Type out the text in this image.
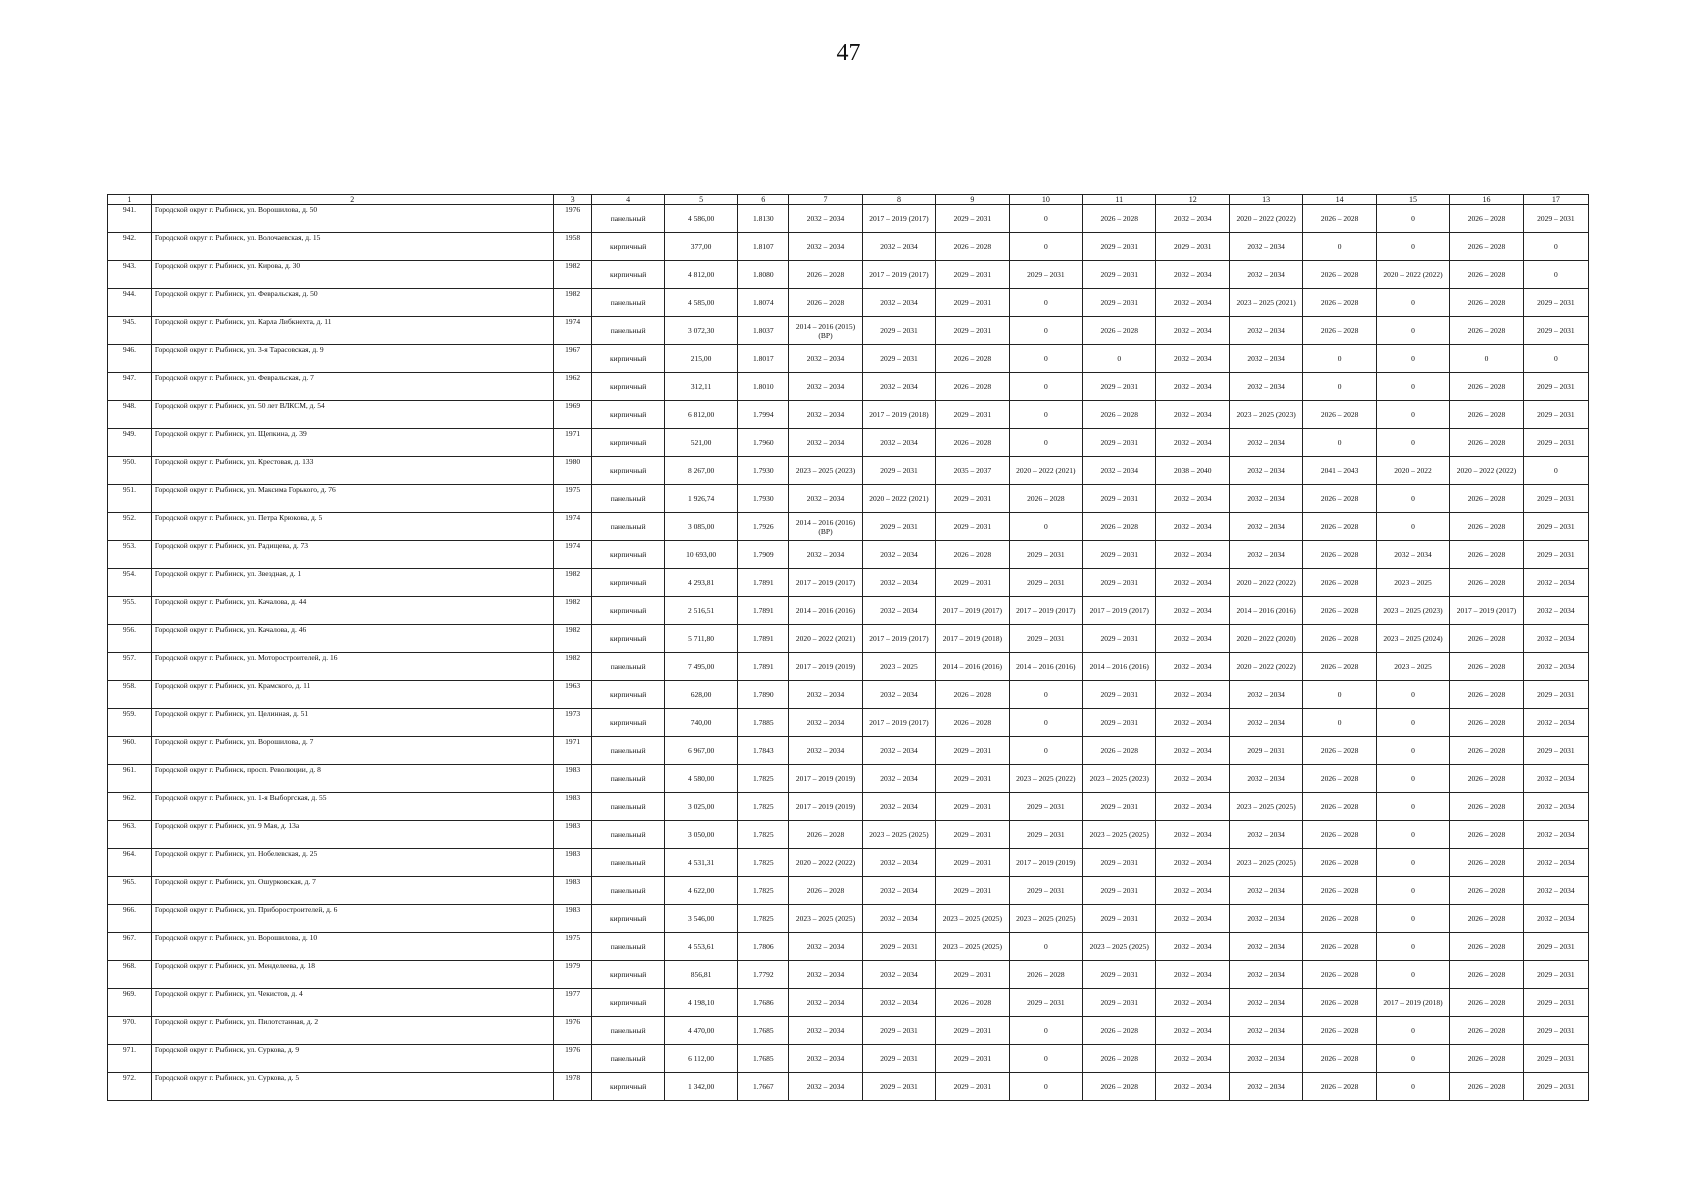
47
1	2	3	4	5	6	7	8	9	10	11	12	13	14	15	16	17
941.	Городской округ г. Рыбинск, ул. Ворошилова, д. 50	1976	панельный	4 586,00	1.8130	2032 – 2034	2017 – 2019 (2017)	2029 – 2031	0	2026 – 2028	2032 – 2034	2020 – 2022 (2022)	2026 – 2028	0	2026 – 2028	2029 – 2031
942.	Городской округ г. Рыбинск, ул. Волочаевская, д. 15	1958	кирпичный	377,00	1.8107	2032 – 2034	2032 – 2034	2026 – 2028	0	2029 – 2031	2029 – 2031	2032 – 2034	0	0	2026 – 2028	0
943.	Городской округ г. Рыбинск, ул. Кирова, д. 30	1982	кирпичный	4 812,00	1.8080	2026 – 2028	2017 – 2019 (2017)	2029 – 2031	2029 – 2031	2029 – 2031	2032 – 2034	2032 – 2034	2026 – 2028	2020 – 2022 (2022)	2026 – 2028	0
944.	Городской округ г. Рыбинск, ул. Февральская, д. 50	1982	панельный	4 585,00	1.8074	2026 – 2028	2032 – 2034	2029 – 2031	0	2029 – 2031	2032 – 2034	2023 – 2025 (2021)	2026 – 2028	0	2026 – 2028	2029 – 2031
945.	Городской округ г. Рыбинск, ул. Карла Либкнехта, д. 11	1974	панельный	3 072,30	1.8037	2014 – 2016 (2015) (ВР)	2029 – 2031	2029 – 2031	0	2026 – 2028	2032 – 2034	2032 – 2034	2026 – 2028	0	2026 – 2028	2029 – 2031
946.	Городской округ г. Рыбинск, ул. 3-я Тарасовская, д. 9	1967	кирпичный	215,00	1.8017	2032 – 2034	2029 – 2031	2026 – 2028	0	0	2032 – 2034	2032 – 2034	0	0	0	0
947.	Городской округ г. Рыбинск, ул. Февральская, д. 7	1962	кирпичный	312,11	1.8010	2032 – 2034	2032 – 2034	2026 – 2028	0	2029 – 2031	2032 – 2034	2032 – 2034	0	0	2026 – 2028	2029 – 2031
948.	Городской округ г. Рыбинск, ул. 50 лет ВЛКСМ, д. 54	1969	кирпичный	6 812,00	1.7994	2032 – 2034	2017 – 2019 (2018)	2029 – 2031	0	2026 – 2028	2032 – 2034	2023 – 2025 (2023)	2026 – 2028	0	2026 – 2028	2029 – 2031
949.	Городской округ г. Рыбинск, ул. Щепкина, д. 39	1971	кирпичный	521,00	1.7960	2032 – 2034	2032 – 2034	2026 – 2028	0	2029 – 2031	2032 – 2034	2032 – 2034	0	0	2026 – 2028	2029 – 2031
950.	Городской округ г. Рыбинск, ул. Крестовая, д. 133	1980	кирпичный	8 267,00	1.7930	2023 – 2025 (2023)	2029 – 2031	2035 – 2037	2020 – 2022 (2021)	2032 – 2034	2038 – 2040	2032 – 2034	2041 – 2043	2020 – 2022	2020 – 2022 (2022)	0
951.	Городской округ г. Рыбинск, ул. Максима Горького, д. 76	1975	панельный	1 926,74	1.7930	2032 – 2034	2020 – 2022 (2021)	2029 – 2031	2026 – 2028	2029 – 2031	2032 – 2034	2032 – 2034	2026 – 2028	0	2026 – 2028	2029 – 2031
952.	Городской округ г. Рыбинск, ул. Петра Крюкова, д. 5	1974	панельный	3 085,00	1.7926	2014 – 2016 (2016) (ВР)	2029 – 2031	2029 – 2031	0	2026 – 2028	2032 – 2034	2032 – 2034	2026 – 2028	0	2026 – 2028	2029 – 2031
953.	Городской округ г. Рыбинск, ул. Радищева, д. 73	1974	кирпичный	10 693,00	1.7909	2032 – 2034	2032 – 2034	2026 – 2028	2029 – 2031	2029 – 2031	2032 – 2034	2032 – 2034	2026 – 2028	2032 – 2034	2026 – 2028	2029 – 2031
954.	Городской округ г. Рыбинск, ул. Звездная, д. 1	1982	кирпичный	4 293,81	1.7891	2017 – 2019 (2017)	2032 – 2034	2029 – 2031	2029 – 2031	2029 – 2031	2032 – 2034	2020 – 2022 (2022)	2026 – 2028	2023 – 2025	2026 – 2028	2032 – 2034
955.	Городской округ г. Рыбинск, ул. Качалова, д. 44	1982	кирпичный	2 516,51	1.7891	2014 – 2016 (2016)	2032 – 2034	2017 – 2019 (2017)	2017 – 2019 (2017)	2017 – 2019 (2017)	2032 – 2034	2014 – 2016 (2016)	2026 – 2028	2023 – 2025 (2023)	2017 – 2019 (2017)	2032 – 2034
956.	Городской округ г. Рыбинск, ул. Качалова, д. 46	1982	кирпичный	5 711,80	1.7891	2020 – 2022 (2021)	2017 – 2019 (2017)	2017 – 2019 (2018)	2029 – 2031	2029 – 2031	2032 – 2034	2020 – 2022 (2020)	2026 – 2028	2023 – 2025 (2024)	2026 – 2028	2032 – 2034
957.	Городской округ г. Рыбинск, ул. Моторостроителей, д. 16	1982	панельный	7 495,00	1.7891	2017 – 2019 (2019)	2023 – 2025	2014 – 2016 (2016)	2014 – 2016 (2016)	2014 – 2016 (2016)	2032 – 2034	2020 – 2022 (2022)	2026 – 2028	2023 – 2025	2026 – 2028	2032 – 2034
958.	Городской округ г. Рыбинск, ул. Крамского, д. 11	1963	кирпичный	628,00	1.7890	2032 – 2034	2032 – 2034	2026 – 2028	0	2029 – 2031	2032 – 2034	2032 – 2034	0	0	2026 – 2028	2029 – 2031
959.	Городской округ г. Рыбинск, ул. Целинная, д. 51	1973	кирпичный	740,00	1.7885	2032 – 2034	2017 – 2019 (2017)	2026 – 2028	0	2029 – 2031	2032 – 2034	2032 – 2034	0	0	2026 – 2028	2032 – 2034
960.	Городской округ г. Рыбинск, ул. Ворошилова, д. 7	1971	панельный	6 967,00	1.7843	2032 – 2034	2032 – 2034	2029 – 2031	0	2026 – 2028	2032 – 2034	2029 – 2031	2026 – 2028	0	2026 – 2028	2029 – 2031
961.	Городской округ г. Рыбинск, просп. Революции, д. 8	1983	панельный	4 580,00	1.7825	2017 – 2019 (2019)	2032 – 2034	2029 – 2031	2023 – 2025 (2022)	2023 – 2025 (2023)	2032 – 2034	2032 – 2034	2026 – 2028	0	2026 – 2028	2032 – 2034
962.	Городской округ г. Рыбинск, ул. 1-я Выборгская, д. 55	1983	панельный	3 025,00	1.7825	2017 – 2019 (2019)	2032 – 2034	2029 – 2031	2029 – 2031	2029 – 2031	2032 – 2034	2023 – 2025 (2025)	2026 – 2028	0	2026 – 2028	2032 – 2034
963.	Городской округ г. Рыбинск, ул. 9 Мая, д. 13а	1983	панельный	3 050,00	1.7825	2026 – 2028	2023 – 2025 (2025)	2029 – 2031	2029 – 2031	2023 – 2025 (2025)	2032 – 2034	2032 – 2034	2026 – 2028	0	2026 – 2028	2032 – 2034
964.	Городской округ г. Рыбинск, ул. Нобелевская, д. 25	1983	панельный	4 531,31	1.7825	2020 – 2022 (2022)	2032 – 2034	2029 – 2031	2017 – 2019 (2019)	2029 – 2031	2032 – 2034	2023 – 2025 (2025)	2026 – 2028	0	2026 – 2028	2032 – 2034
965.	Городской округ г. Рыбинск, ул. Ошурковская, д. 7	1983	панельный	4 622,00	1.7825	2026 – 2028	2032 – 2034	2029 – 2031	2029 – 2031	2029 – 2031	2032 – 2034	2032 – 2034	2026 – 2028	0	2026 – 2028	2032 – 2034
966.	Городской округ г. Рыбинск, ул. Приборостроителей, д. 6	1983	кирпичный	3 546,00	1.7825	2023 – 2025 (2025)	2032 – 2034	2023 – 2025 (2025)	2023 – 2025 (2025)	2029 – 2031	2032 – 2034	2032 – 2034	2026 – 2028	0	2026 – 2028	2032 – 2034
967.	Городской округ г. Рыбинск, ул. Ворошилова, д. 10	1975	панельный	4 553,61	1.7806	2032 – 2034	2029 – 2031	2023 – 2025 (2025)	0	2023 – 2025 (2025)	2032 – 2034	2032 – 2034	2026 – 2028	0	2026 – 2028	2029 – 2031
968.	Городской округ г. Рыбинск, ул. Менделеева, д. 18	1979	кирпичный	856,81	1.7792	2032 – 2034	2032 – 2034	2029 – 2031	2026 – 2028	2029 – 2031	2032 – 2034	2032 – 2034	2026 – 2028	0	2026 – 2028	2029 – 2031
969.	Городской округ г. Рыбинск, ул. Чекистов, д. 4	1977	кирпичный	4 198,10	1.7686	2032 – 2034	2032 – 2034	2026 – 2028	2029 – 2031	2029 – 2031	2032 – 2034	2032 – 2034	2026 – 2028	2017 – 2019 (2018)	2026 – 2028	2029 – 2031
970.	Городской округ г. Рыбинск, ул. Пилотстанная, д. 2	1976	панельный	4 470,00	1.7685	2032 – 2034	2029 – 2031	2029 – 2031	0	2026 – 2028	2032 – 2034	2032 – 2034	2026 – 2028	0	2026 – 2028	2029 – 2031
971.	Городской округ г. Рыбинск, ул. Суркова, д. 9	1976	панельный	6 112,00	1.7685	2032 – 2034	2029 – 2031	2029 – 2031	0	2026 – 2028	2032 – 2034	2032 – 2034	2026 – 2028	0	2026 – 2028	2029 – 2031
972.	Городской округ г. Рыбинск, ул. Суркова, д. 5	1978	кирпичный	1 342,00	1.7667	2032 – 2034	2029 – 2031	2029 – 2031	0	2026 – 2028	2032 – 2034	2032 – 2034	2026 – 2028	0	2026 – 2028	2029 – 2031
